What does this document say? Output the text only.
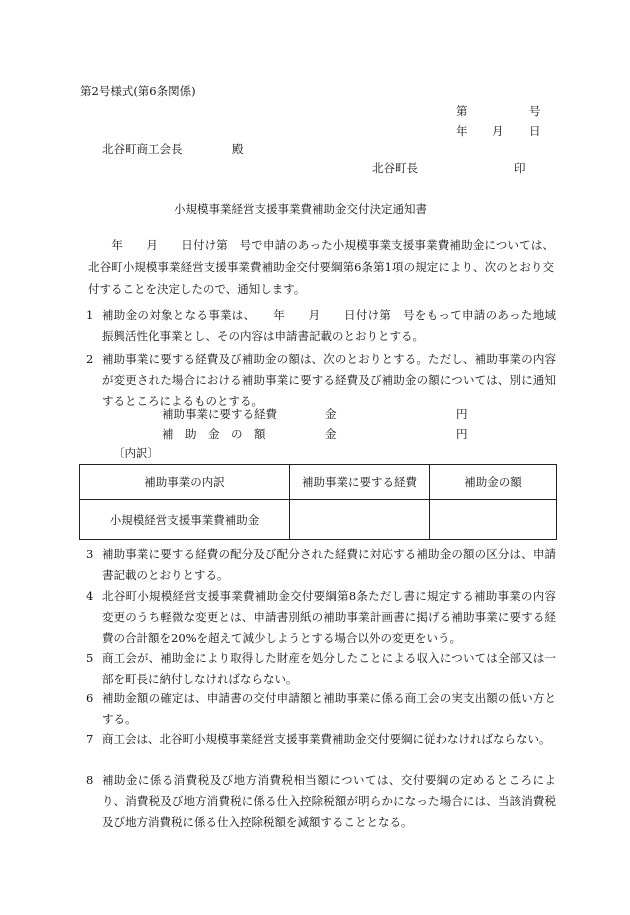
第2号様式(第6条関係)
第	号
年 月 日
北谷町商工会長	殿
北谷町長	印
小規模事業経営支援事業費補助金交付決定通知書
　　年　　月　　日付け第　号で申請のあった小規模事業支援事業費補助金については、北谷町小規模事業経営支援事業費補助金交付要綱第6条第1項の規定により、次のとおり交付することを決定したので、通知します。
1 補助金の対象となる事業は、　　年　　月　　日付け第　号をもって申請のあった地域振興活性化事業とし、その内容は申請書記載のとおりとする。
2 補助事業に要する経費及び補助金の額は、次のとおりとする。ただし、補助事業の内容が変更された場合における補助事業に要する経費及び補助金の額については、別に通知するところによるものとする。
補助事業に要する経費	金	円
補　助　金　の　額	金	円
〔内訳〕
補助事業の内訳	補助事業に要する経費	補助金の額
小規模経営支援事業費補助金		
3 補助事業に要する経費の配分及び配分された経費に対応する補助金の額の区分は、申請書記載のとおりとする。
4 北谷町小規模経営支援事業費補助金交付要綱第8条ただし書に規定する補助事業の内容変更のうち軽微な変更とは、申請書別紙の補助事業計画書に掲げる補助事業に要する経費の合計額を20%を超えて減少しようとする場合以外の変更をいう。
5 商工会が、補助金により取得した財産を処分したことによる収入については全部又は一部を町長に納付しなければならない。
6 補助金額の確定は、申請書の交付申請額と補助事業に係る商工会の実支出額の低い方とする。
7 商工会は、北谷町小規模事業経営支援事業費補助金交付要綱に従わなければならない。
8 補助金に係る消費税及び地方消費税相当額については、交付要綱の定めるところにより、消費税及び地方消費税に係る仕入控除税額が明らかになった場合には、当該消費税及び地方消費税に係る仕入控除税額を減額することとなる。
